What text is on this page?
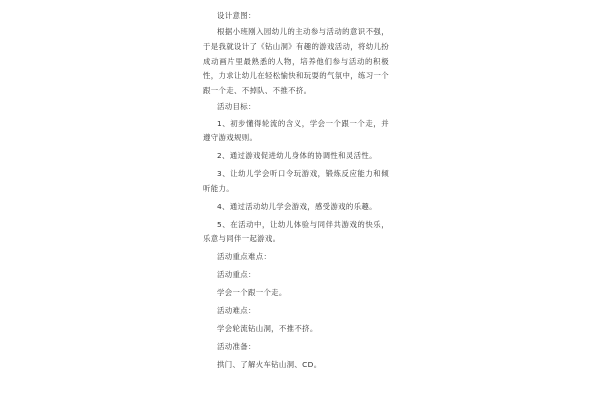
设计意图：

根据小班刚入园幼儿的主动参与活动的意识不强，于是我就设计了《钻山洞》有趣的游戏活动，将幼儿扮成动画片里最熟悉的人物，培养他们参与活动的积极性，力求让幼儿在轻松愉快和玩耍的气氛中，练习一个跟一个走、不掉队、不推不挤。

活动目标：

1、初步懂得轮流的含义，学会一个跟一个走，并遵守游戏规则。

2、通过游戏促进幼儿身体的协调性和灵活性。

3、让幼儿学会听口令玩游戏，锻炼反应能力和倾听能力。

4、通过活动幼儿学会游戏，感受游戏的乐趣。

5、在活动中，让幼儿体验与同伴共游戏的快乐，乐意与同伴一起游戏。

活动重点难点：

活动重点：

学会一个跟一个走。

活动难点：

学会轮流钻山洞，不推不挤。

活动准备：

拱门、了解火车钻山洞、CD。
